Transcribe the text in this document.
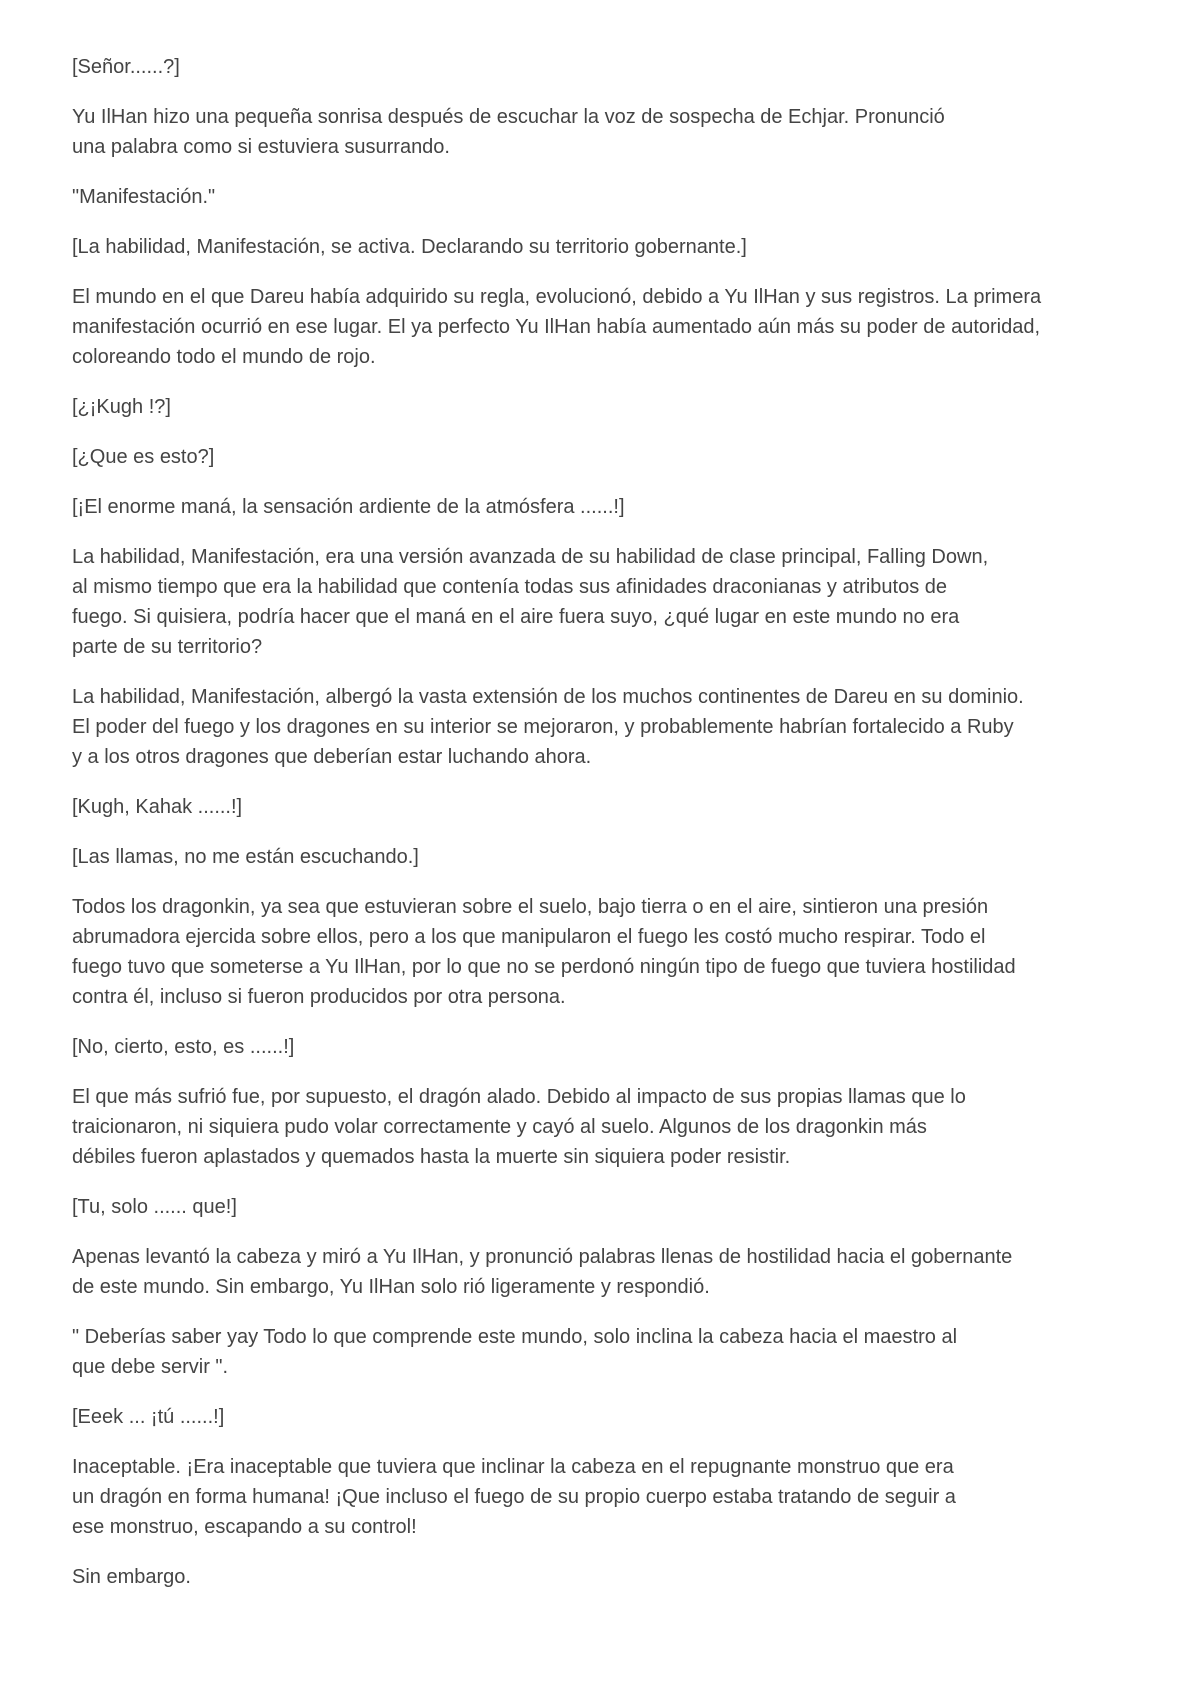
[Señor......?]

Yu IlHan hizo una pequeña sonrisa después de escuchar la voz de sospecha de Echjar. Pronunció
una palabra como si estuviera susurrando.

"Manifestación."

[La habilidad, Manifestación, se activa. Declarando su territorio gobernante.]

El mundo en el que Dareu había adquirido su regla, evolucionó, debido a Yu IlHan y sus registros. La primera
manifestación ocurrió en ese lugar. El ya perfecto Yu IlHan había aumentado aún más su poder de autoridad,
coloreando todo el mundo de rojo.

[¿¡Kugh !?]

[¿Que es esto?]

[¡El enorme maná, la sensación ardiente de la atmósfera ......!]

La habilidad, Manifestación, era una versión avanzada de su habilidad de clase principal, Falling Down,
al mismo tiempo que era la habilidad que contenía todas sus afinidades draconianas y atributos de
fuego. Si quisiera, podría hacer que el maná en el aire fuera suyo, ¿qué lugar en este mundo no era
parte de su territorio?

La habilidad, Manifestación, albergó la vasta extensión de los muchos continentes de Dareu en su dominio.
El poder del fuego y los dragones en su interior se mejoraron, y probablemente habrían fortalecido a Ruby
y a los otros dragones que deberían estar luchando ahora.

[Kugh, Kahak ......!]

[Las llamas, no me están escuchando.]

Todos los dragonkin, ya sea que estuvieran sobre el suelo, bajo tierra o en el aire, sintieron una presión
abrumadora ejercida sobre ellos, pero a los que manipularon el fuego les costó mucho respirar. Todo el
fuego tuvo que someterse a Yu IlHan, por lo que no se perdonó ningún tipo de fuego que tuviera hostilidad
contra él, incluso si fueron producidos por otra persona.

[No, cierto, esto, es ......!]

El que más sufrió fue, por supuesto, el dragón alado. Debido al impacto de sus propias llamas que lo
traicionaron, ni siquiera pudo volar correctamente y cayó al suelo. Algunos de los dragonkin más
débiles fueron aplastados y quemados hasta la muerte sin siquiera poder resistir.

[Tu, solo ...... que!]

Apenas levantó la cabeza y miró a Yu IlHan, y pronunció palabras llenas de hostilidad hacia el gobernante
de este mundo. Sin embargo, Yu IlHan solo rió ligeramente y respondió.

" Deberías saber yay Todo lo que comprende este mundo, solo inclina la cabeza hacia el maestro al
que debe servir ".

[Eeek ... ¡tú ......!]

Inaceptable. ¡Era inaceptable que tuviera que inclinar la cabeza en el repugnante monstruo que era
un dragón en forma humana! ¡Que incluso el fuego de su propio cuerpo estaba tratando de seguir a
ese monstruo, escapando a su control!

Sin embargo.
